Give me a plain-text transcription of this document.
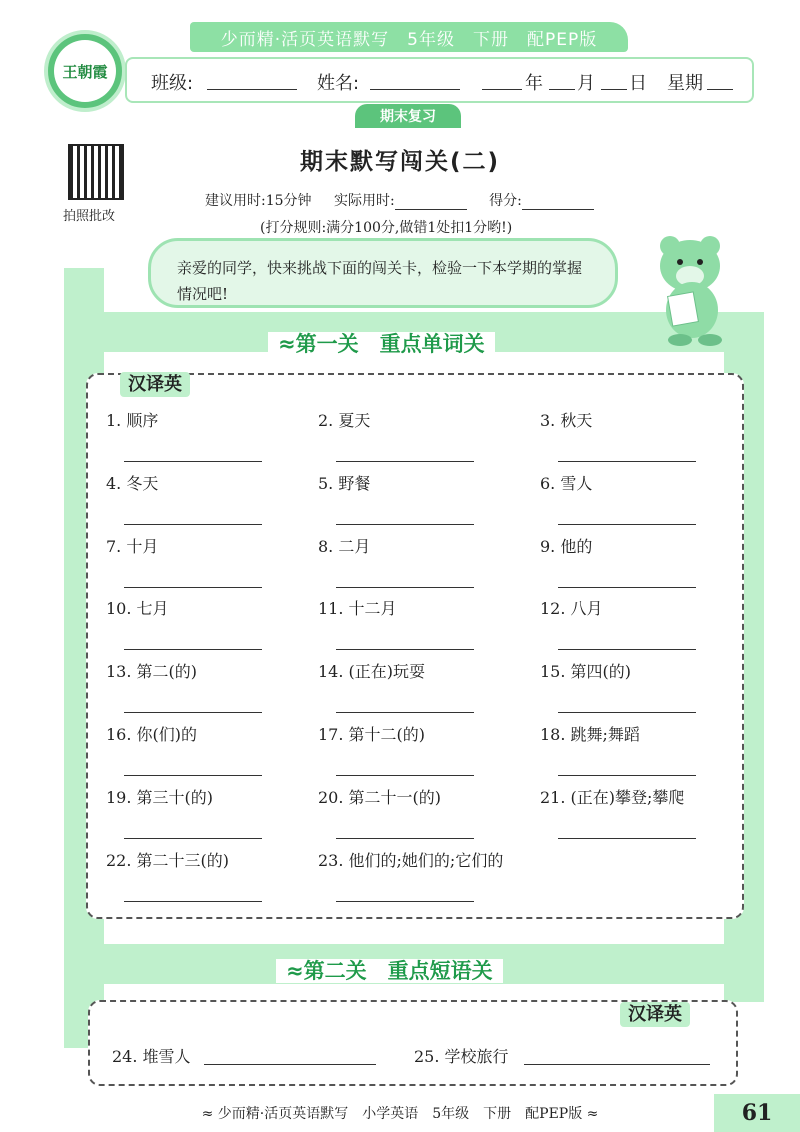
少而精·活页英语默写　5年级　下册　配PEP版
王朝霞
班级:	姓名:	年 月 日 星期
期末复习
拍照批改
期末默写闯关(二)
建议用时:15分钟 实际用时:	得分:
(打分规则:满分100分,做错1处扣1分哟!)
亲爱的同学，快来挑战下面的闯关卡，检验一下本学期的掌握情况吧!
≈第一关　重点单词关
汉译英
1. 顺序	2. 夏天	3. 秋天
4. 冬天	5. 野餐	6. 雪人
7. 十月	8. 二月	9. 他的
10. 七月	11. 十二月	12. 八月
13. 第二(的)	14. (正在)玩耍	15. 第四(的)
16. 你(们)的	17. 第十二(的)	18. 跳舞;舞蹈
19. 第三十(的)	20. 第二十一(的)	21. (正在)攀登;攀爬
22. 第二十三(的)	23. 他们的;她们的;它们的
≈第二关　重点短语关
汉译英
24. 堆雪人	25. 学校旅行
≈ 少而精·活页英语默写　小学英语　5年级　下册　配PEP版 ≈	61
